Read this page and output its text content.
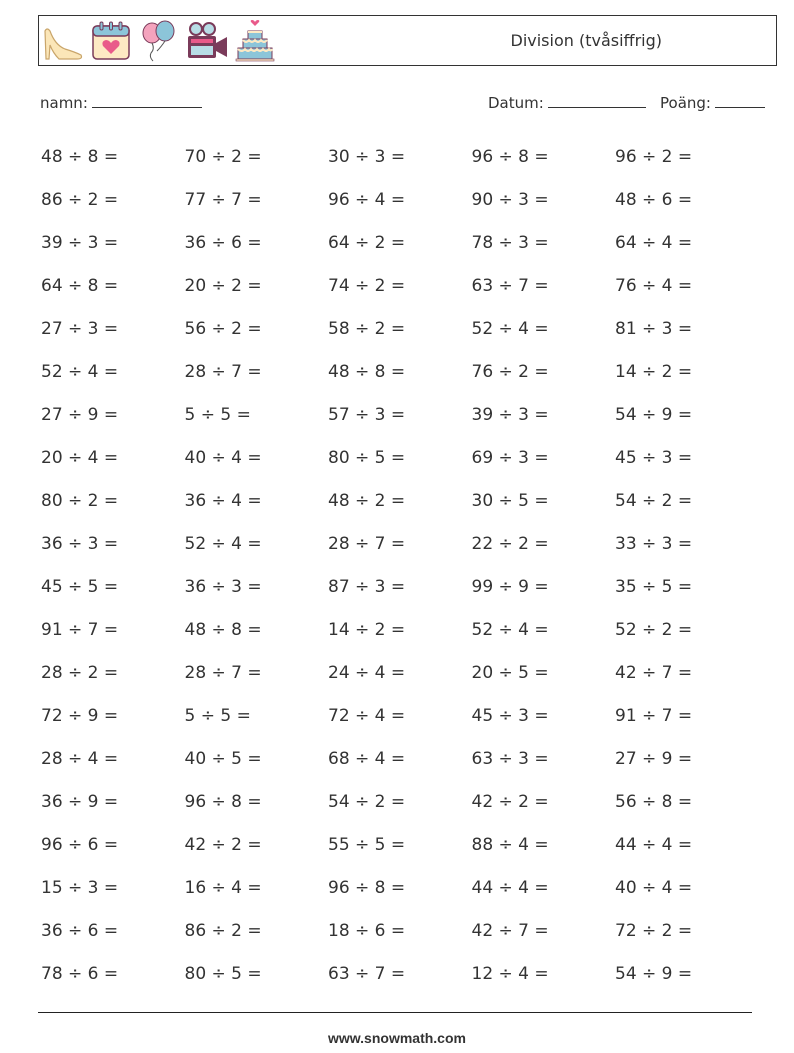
Division (tvåsiffrig)
namn:	Datum:	Poäng:
48 ÷ 8 =	70 ÷ 2 =	30 ÷ 3 =	96 ÷ 8 =	96 ÷ 2 =
86 ÷ 2 =	77 ÷ 7 =	96 ÷ 4 =	90 ÷ 3 =	48 ÷ 6 =
39 ÷ 3 =	36 ÷ 6 =	64 ÷ 2 =	78 ÷ 3 =	64 ÷ 4 =
64 ÷ 8 =	20 ÷ 2 =	74 ÷ 2 =	63 ÷ 7 =	76 ÷ 4 =
27 ÷ 3 =	56 ÷ 2 =	58 ÷ 2 =	52 ÷ 4 =	81 ÷ 3 =
52 ÷ 4 =	28 ÷ 7 =	48 ÷ 8 =	76 ÷ 2 =	14 ÷ 2 =
27 ÷ 9 =	5 ÷ 5 =	57 ÷ 3 =	39 ÷ 3 =	54 ÷ 9 =
20 ÷ 4 =	40 ÷ 4 =	80 ÷ 5 =	69 ÷ 3 =	45 ÷ 3 =
80 ÷ 2 =	36 ÷ 4 =	48 ÷ 2 =	30 ÷ 5 =	54 ÷ 2 =
36 ÷ 3 =	52 ÷ 4 =	28 ÷ 7 =	22 ÷ 2 =	33 ÷ 3 =
45 ÷ 5 =	36 ÷ 3 =	87 ÷ 3 =	99 ÷ 9 =	35 ÷ 5 =
91 ÷ 7 =	48 ÷ 8 =	14 ÷ 2 =	52 ÷ 4 =	52 ÷ 2 =
28 ÷ 2 =	28 ÷ 7 =	24 ÷ 4 =	20 ÷ 5 =	42 ÷ 7 =
72 ÷ 9 =	5 ÷ 5 =	72 ÷ 4 =	45 ÷ 3 =	91 ÷ 7 =
28 ÷ 4 =	40 ÷ 5 =	68 ÷ 4 =	63 ÷ 3 =	27 ÷ 9 =
36 ÷ 9 =	96 ÷ 8 =	54 ÷ 2 =	42 ÷ 2 =	56 ÷ 8 =
96 ÷ 6 =	42 ÷ 2 =	55 ÷ 5 =	88 ÷ 4 =	44 ÷ 4 =
15 ÷ 3 =	16 ÷ 4 =	96 ÷ 8 =	44 ÷ 4 =	40 ÷ 4 =
36 ÷ 6 =	86 ÷ 2 =	18 ÷ 6 =	42 ÷ 7 =	72 ÷ 2 =
78 ÷ 6 =	80 ÷ 5 =	63 ÷ 7 =	12 ÷ 4 =	54 ÷ 9 =
www.snowmath.com
